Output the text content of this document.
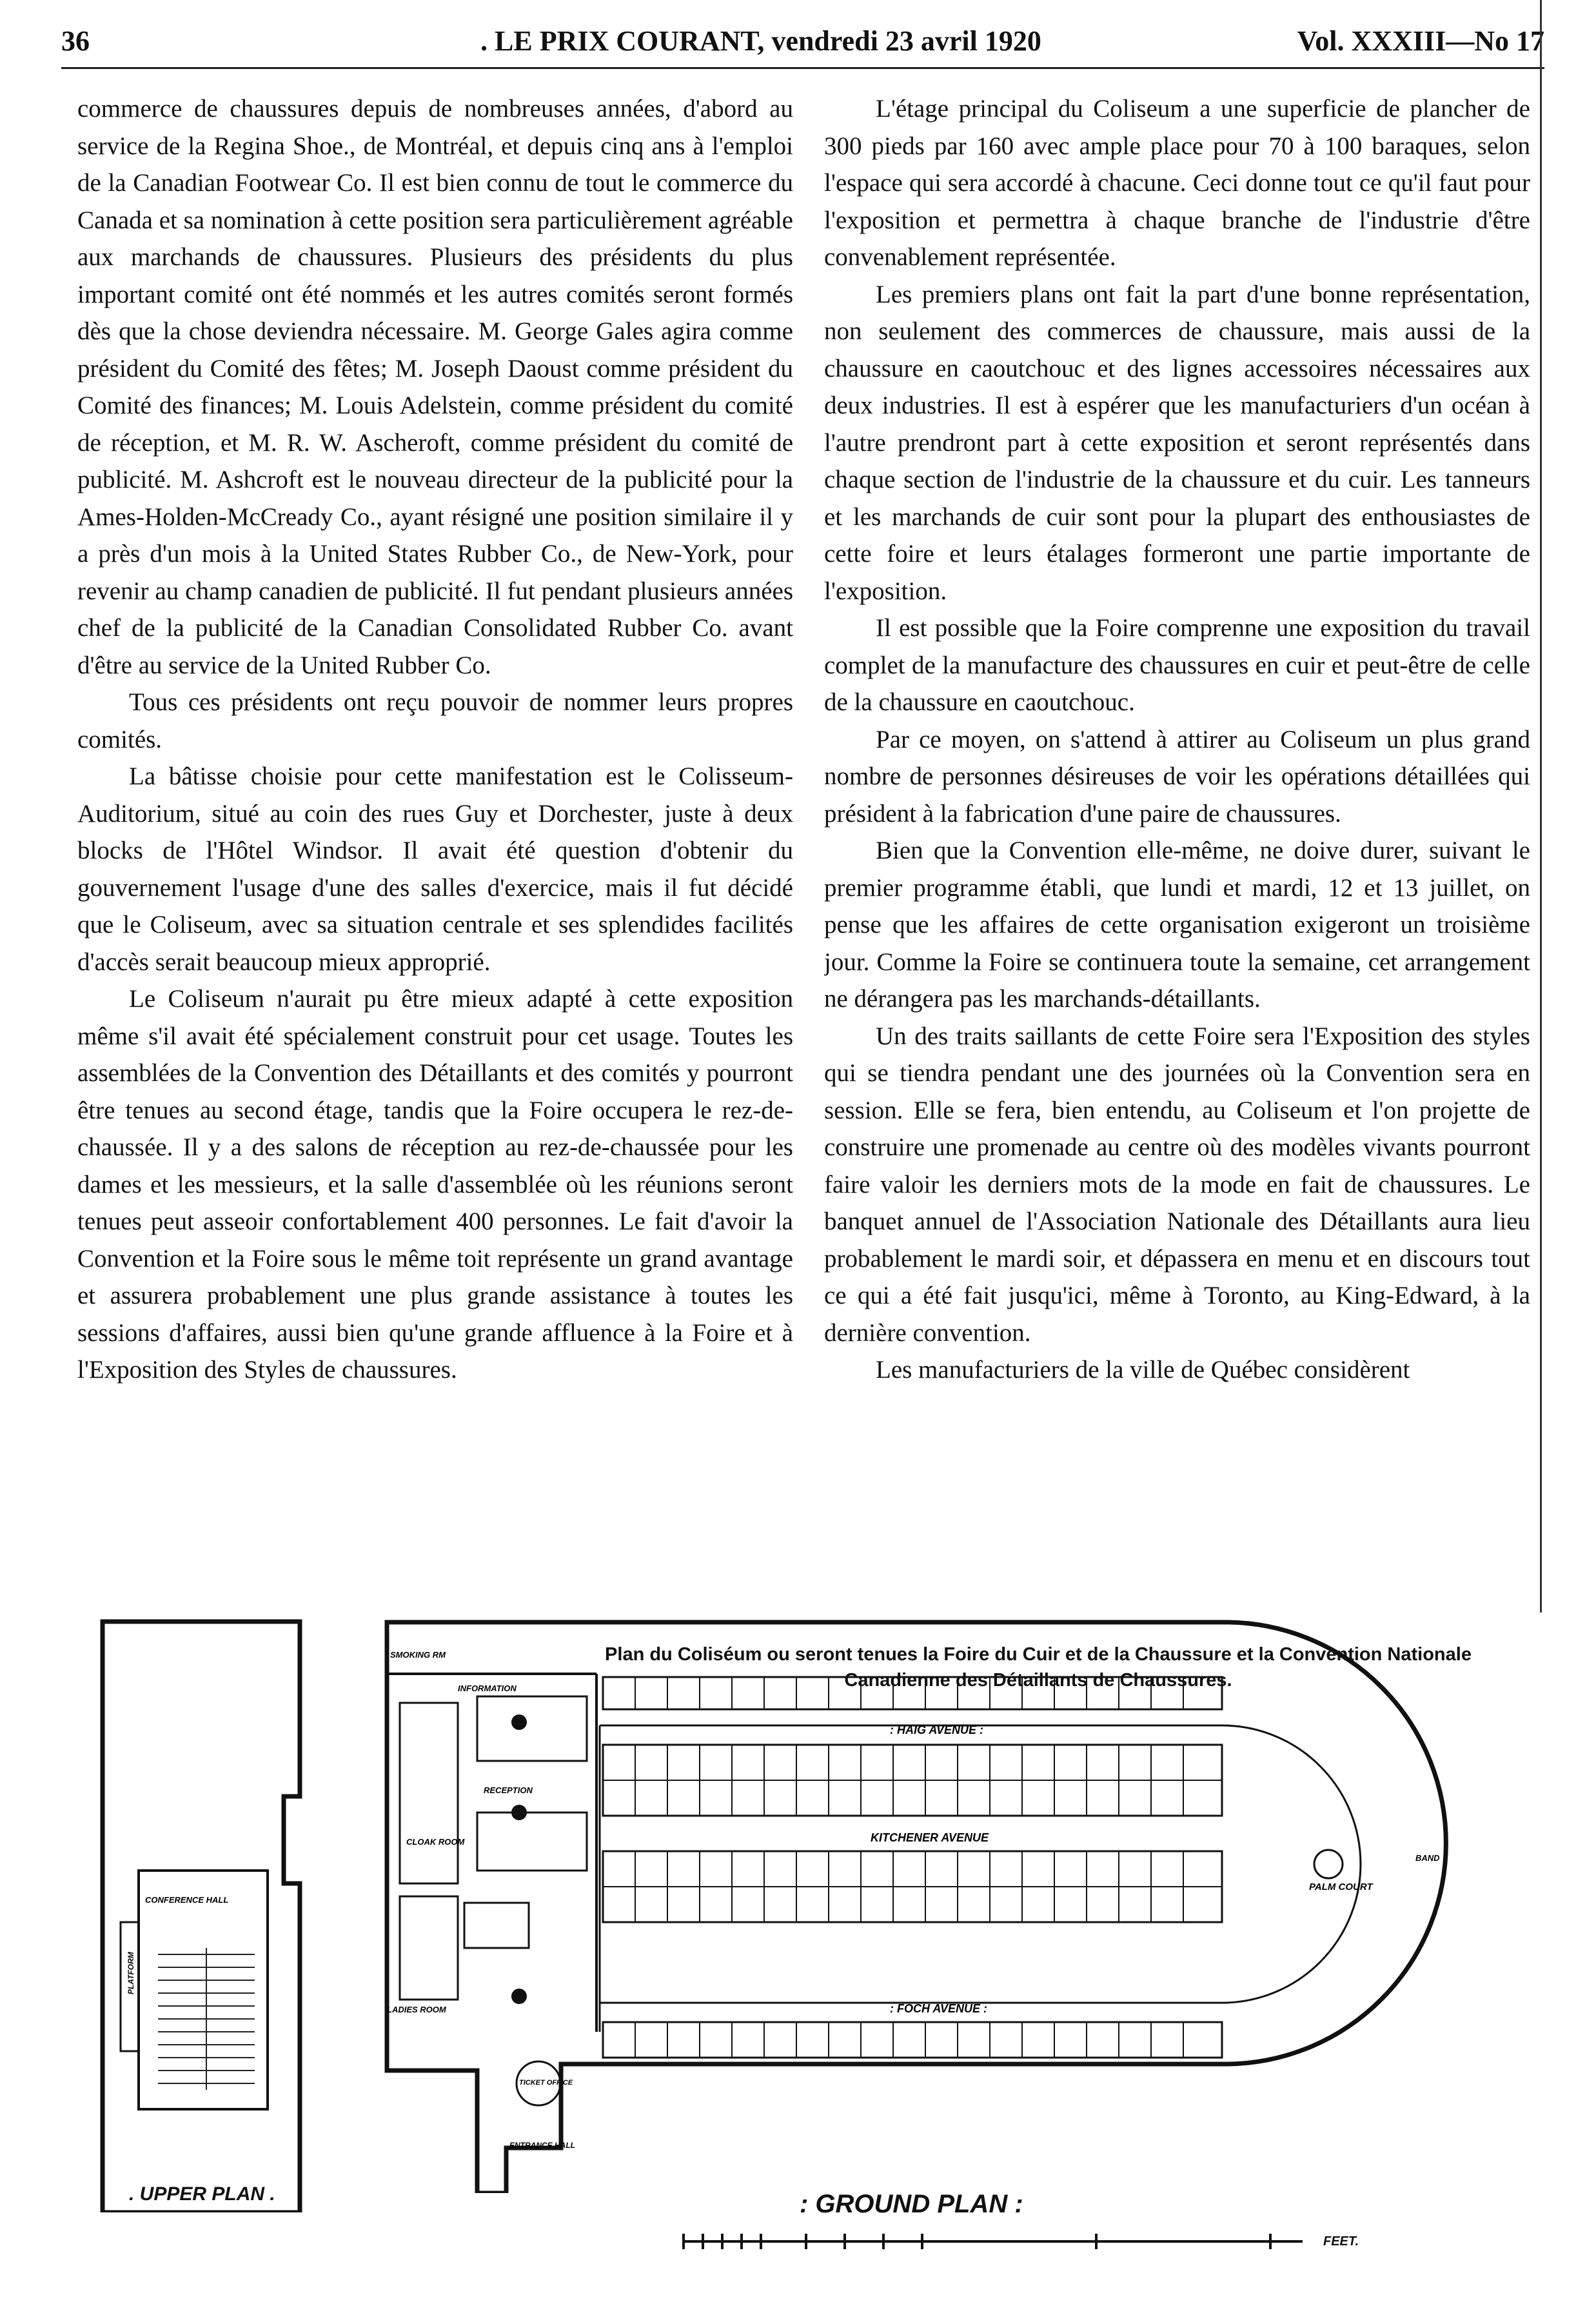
36	. LE PRIX COURANT, vendredi 23 avril 1920	Vol. XXXIII—No 17

commerce de chaussures depuis de nombreuses années, d'abord au service de la Regina Shoe., de Montréal, et depuis cinq ans à l'emploi de la Canadian Footwear Co. Il est bien connu de tout le commerce du Canada et sa nomination à cette position sera particulièrement agréable aux marchands de chaussures. Plusieurs des présidents du plus important comité ont été nommés et les autres comités seront formés dès que la chose deviendra nécessaire. M. George Gales agira comme président du Comité des fêtes; M. Joseph Daoust comme président du Comité des finances; M. Louis Adelstein, comme président du comité de réception, et M. R. W. Ascheroft, comme président du comité de publicité. M. Ashcroft est le nouveau directeur de la publicité pour la Ames-Holden-McCready Co., ayant résigné une position similaire il y a près d'un mois à la United States Rubber Co., de New-York, pour revenir au champ canadien de publicité. Il fut pendant plusieurs années chef de la publicité de la Canadian Consolidated Rubber Co. avant d'être au service de la United Rubber Co.

Tous ces présidents ont reçu pouvoir de nommer leurs propres comités.

La bâtisse choisie pour cette manifestation est le Colisseum-Auditorium, situé au coin des rues Guy et Dorchester, juste à deux blocks de l'Hôtel Windsor. Il avait été question d'obtenir du gouvernement l'usage d'une des salles d'exercice, mais il fut décidé que le Coliseum, avec sa situation centrale et ses splendides facilités d'accès serait beaucoup mieux approprié.

Le Coliseum n'aurait pu être mieux adapté à cette exposition même s'il avait été spécialement construit pour cet usage. Toutes les assemblées de la Convention des Détaillants et des comités y pourront être tenues au second étage, tandis que la Foire occupera le rez-de-chaussée. Il y a des salons de réception au rez-de-chaussée pour les dames et les messieurs, et la salle d'assemblée où les réunions seront tenues peut asseoir confortablement 400 personnes. Le fait d'avoir la Convention et la Foire sous le même toit représente un grand avantage et assurera probablement une plus grande assistance à toutes les sessions d'affaires, aussi bien qu'une grande affluence à la Foire et à l'Exposition des Styles de chaussures.

L'étage principal du Coliseum a une superficie de plancher de 300 pieds par 160 avec ample place pour 70 à 100 baraques, selon l'espace qui sera accordé à chacune. Ceci donne tout ce qu'il faut pour l'exposition et permettra à chaque branche de l'industrie d'être convenablement représentée.

Les premiers plans ont fait la part d'une bonne représentation, non seulement des commerces de chaussure, mais aussi de la chaussure en caoutchouc et des lignes accessoires nécessaires aux deux industries. Il est à espérer que les manufacturiers d'un océan à l'autre prendront part à cette exposition et seront représentés dans chaque section de l'industrie de la chaussure et du cuir. Les tanneurs et les marchands de cuir sont pour la plupart des enthousiastes de cette foire et leurs étalages formeront une partie importante de l'exposition.

Il est possible que la Foire comprenne une exposition du travail complet de la manufacture des chaussures en cuir et peut-être de celle de la chaussure en caoutchouc.

Par ce moyen, on s'attend à attirer au Coliseum un plus grand nombre de personnes désireuses de voir les opérations détaillées qui président à la fabrication d'une paire de chaussures.

Bien que la Convention elle-même, ne doive durer, suivant le premier programme établi, que lundi et mardi, 12 et 13 juillet, on pense que les affaires de cette organisation exigeront un troisième jour. Comme la Foire se continuera toute la semaine, cet arrangement ne dérangera pas les marchands-détaillants.

Un des traits saillants de cette Foire sera l'Exposition des styles qui se tiendra pendant une des journées où la Convention sera en session. Elle se fera, bien entendu, au Coliseum et l'on projette de construire une promenade au centre où des modèles vivants pourront faire valoir les derniers mots de la mode en fait de chaussures. Le banquet annuel de l'Association Nationale des Détaillants aura lieu probablement le mardi soir, et dépassera en menu et en discours tout ce qui a été fait jusqu'ici, même à Toronto, au King-Edward, à la dernière convention.

Les manufacturiers de la ville de Québec considèrent

CONFERENCE HALL
PLATFORM
. UPPER PLAN .
SMOKING RM
INFORMATION
RECEPTION
CLOAK ROOM
LADIES ROOM
TICKET OFFICE
ENTRANCE HALL
: HAIG AVENUE :
KITCHENER AVENUE
: FOCH AVENUE :
PALM COURT
BAND
Plan du Coliséum ou seront tenues la Foire du Cuir et de la Chaussure et la Convention Nationale Canadienne des Détaillants de Chaussures.
: GROUND PLAN :
FEET.
